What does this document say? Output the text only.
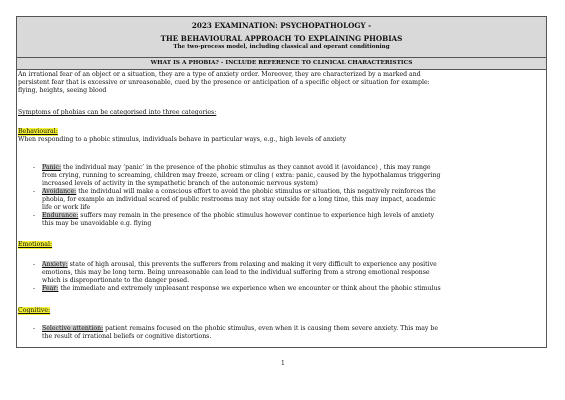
2023 EXAMINATION: PSYCHOPATHOLOGY -
THE BEHAVIOURAL APPROACH TO EXPLAINING PHOBIAS
The two-process model, including classical and operant conditioning
WHAT IS A PHOBIA? - INCLUDE REFERENCE TO CLINICAL CHARACTERISTICS
An irrational fear of an object or a situation, they are a type of anxiety order. Moreover, they are characterized by a marked and
persistent fear that is excessive or unreasonable, cued by the presence or anticipation of a specific object or situation for example:
flying, heights, seeing blood
Symptoms of phobias can be categorised into three categories:
Behavioural:
When responding to a phobic stimulus, individuals behave in particular ways, e.g., high levels of anxiety
- Panic: the individual may ‘panic’ in the presence of the phobic stimulus as they cannot avoid it (avoidance) , this may range
from crying, running to screaming, children may freeze, scream or cling ( extra: panic, caused by the hypothalamus triggering
increased levels of activity in the sympathetic branch of the autonomic nervous system)
- Avoidance: the individual will make a conscious effort to avoid the phobic stimulus or situation, this negatively reinforces the
phobia, for example an individual scared of public restrooms may not stay outside for a long time, this may impact, academic
life or work life
- Endurance: suffers may remain in the presence of the phobic stimulus however continue to experience high levels of anxiety
this may be unavoidable e.g. flying
Emotional:
- Anxiety: state of high arousal, this prevents the sufferers from relaxing and making it very difficult to experience any positive
emotions, this may be long term. Being unreasonable can lead to the individual suffering from a strong emotional response
which is disproportionate to the danger posed.
- Fear: the immediate and extremely unpleasant response we experience when we encounter or think about the phobic stimulus
Cognitive:
- Selective attention: patient remains focused on the phobic stimulus, even when it is causing them severe anxiety. This may be
the result of irrational beliefs or cognitive distortions.
1
